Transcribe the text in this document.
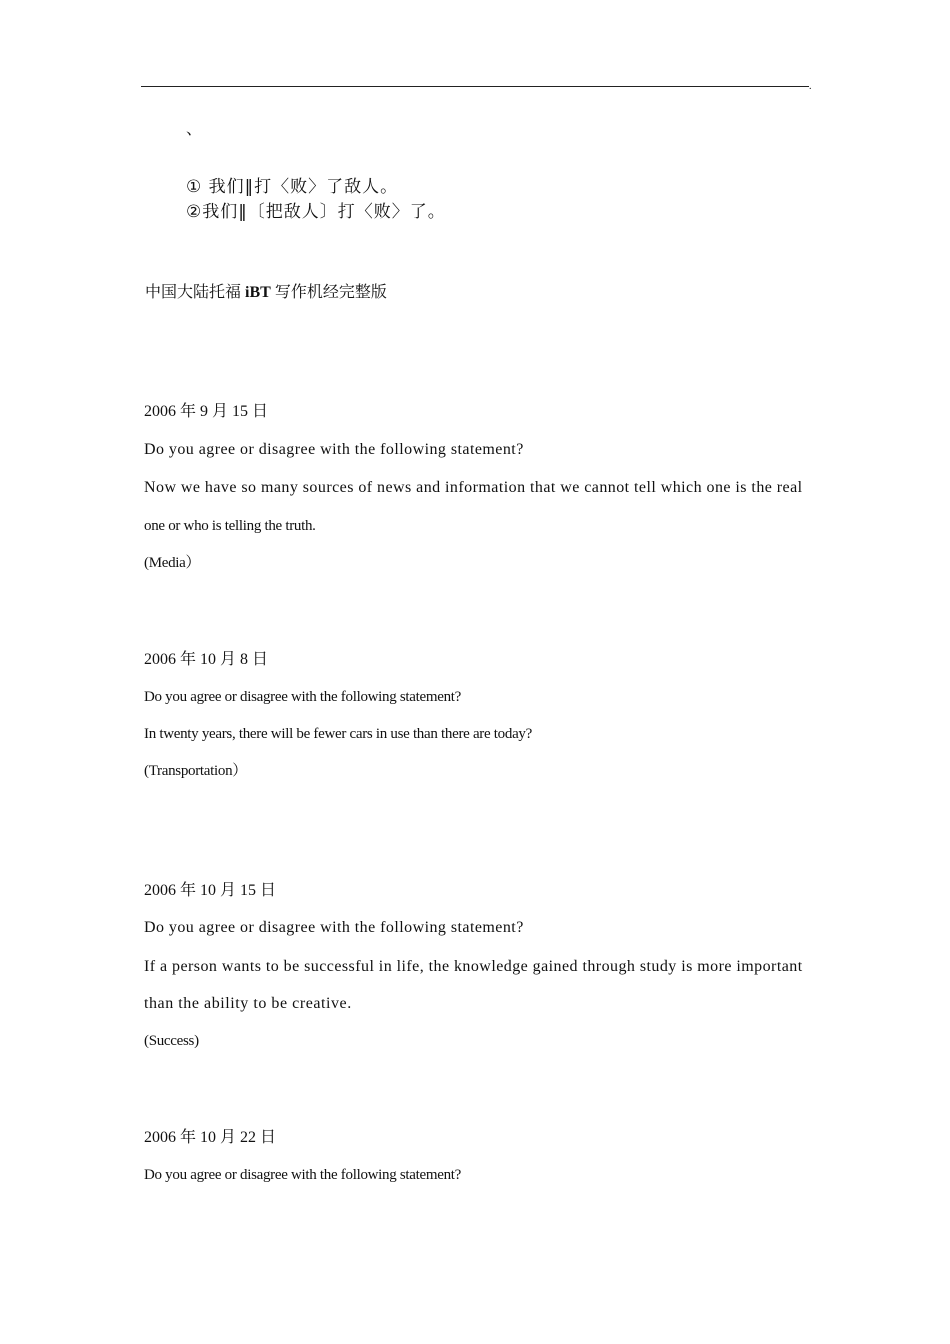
.
、
① 我们‖打〈败〉了敌人。
②我们‖〔把敌人〕打〈败〉了。
中国大陆托福 iBT 写作机经完整版
2006 年 9 月 15 日
Do you agree or disagree with the following statement?
Now we have so many sources of news and information that we cannot tell which one is the real
one or who is telling the truth.
(Media）
2006 年 10 月 8 日
Do you agree or disagree with the following statement?
In twenty years, there will be fewer cars in use than there are today?
(Transportation）
2006 年 10 月 15 日
Do you agree or disagree with the following statement?
If a person wants to be successful in life, the knowledge gained through study is more important
than the ability to be creative.
(Success)
2006 年 10 月 22 日
Do you agree or disagree with the following statement?
